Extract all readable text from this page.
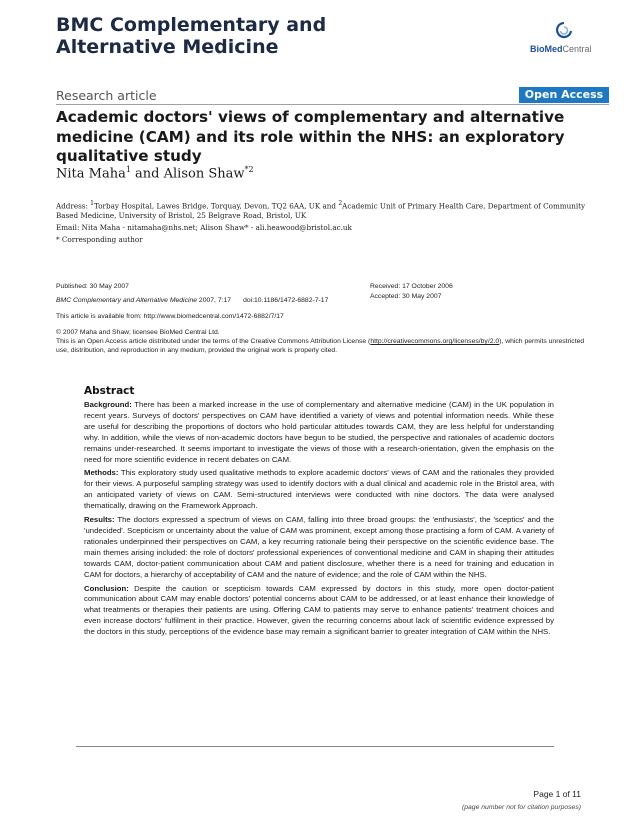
BMC Complementary and
Alternative Medicine	BioMedCentral
Research article	Open Access
Academic doctors' views of complementary and alternative medicine (CAM) and its role within the NHS: an exploratory qualitative study
Nita Maha$^1$ and Alison Shaw$^{*2}$
Address: $^1$Torbay Hospital, Lawes Bridge, Torquay, Devon, TQ2 6AA, UK and $^2$Academic Unit of Primary Health Care, Department of Community Based Medicine, University of Bristol, 25 Belgrave Road, Bristol, UK
Email: Nita Maha - nitamaha@nhs.net; Alison Shaw* - ali.heawood@bristol.ac.uk
* Corresponding author
Published: 30 May 2007	Received: 17 October 2006
Accepted: 30 May 2007
BMC Complementary and Alternative Medicine 2007, 7:17 doi:10.1186/1472-6882-7-17
This article is available from: http://www.biomedcentral.com/1472-6882/7/17
© 2007 Maha and Shaw; licensee BioMed Central Ltd.
This is an Open Access article distributed under the terms of the Creative Commons Attribution License (http://creativecommons.org/licenses/by/2.0), which permits unrestricted use, distribution, and reproduction in any medium, provided the original work is properly cited.
Abstract

Background: There has been a marked increase in the use of complementary and alternative medicine (CAM) in the UK population in recent years. Surveys of doctors' perspectives on CAM have identified a variety of views and potential information needs. While these are useful for describing the proportions of doctors who hold particular attitudes towards CAM, they are less helpful for understanding why. In addition, while the views of non-academic doctors have begun to be studied, the perspective and rationales of academic doctors remains under-researched. It seems important to investigate the views of those with a research-orientation, given the emphasis on the need for more scientific evidence in recent debates on CAM.

Methods: This exploratory study used qualitative methods to explore academic doctors' views of CAM and the rationales they provided for their views. A purposeful sampling strategy was used to identify doctors with a dual clinical and academic role in the Bristol area, with an anticipated variety of views on CAM. Semi-structured interviews were conducted with nine doctors. The data were analysed thematically, drawing on the Framework Approach.

Results: The doctors expressed a spectrum of views on CAM, falling into three broad groups: the 'enthusiasts', the 'sceptics' and the 'undecided'. Scepticism or uncertainty about the value of CAM was prominent, except among those practising a form of CAM. A variety of rationales underpinned their perspectives on CAM, a key recurring rationale being their perspective on the scientific evidence base. The main themes arising included: the role of doctors' professional experiences of conventional medicine and CAM in shaping their attitudes towards CAM, doctor-patient communication about CAM and patient disclosure, whether there is a need for training and education in CAM for doctors, a hierarchy of acceptability of CAM and the nature of evidence; and the role of CAM within the NHS.

Conclusion: Despite the caution or scepticism towards CAM expressed by doctors in this study, more open doctor-patient communication about CAM may enable doctors' potential concerns about CAM to be addressed, or at least enhance their knowledge of what treatments or therapies their patients are using. Offering CAM to patients may serve to enhance patients' treatment choices and even increase doctors' fulfilment in their practice. However, given the recurring concerns about lack of scientific evidence expressed by the doctors in this study, perceptions of the evidence base may remain a significant barrier to greater integration of CAM within the NHS.

Page 1 of 11
(page number not for citation purposes)
